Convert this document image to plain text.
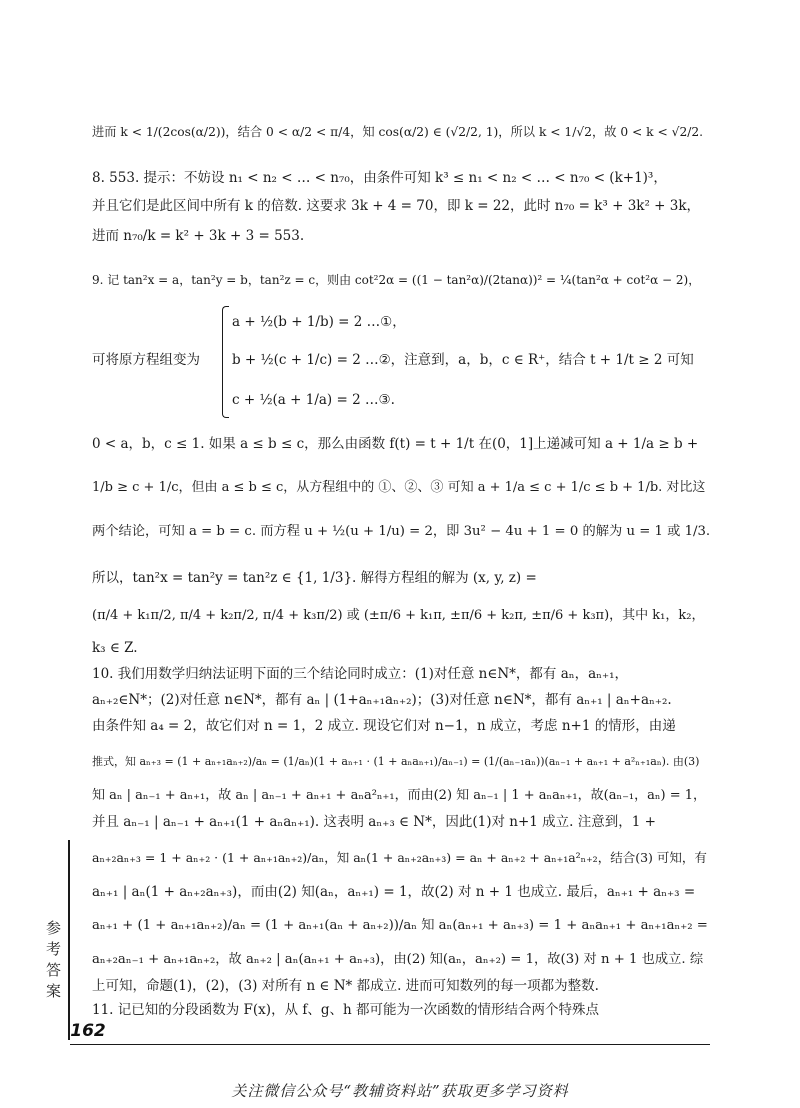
进而 k < 1/(2cos(α/2))，结合 0 < α/2 < π/4，知 cos(α/2) ∈ (√2/2, 1)，所以 k < 1/√2，故 0 < k < √2/2.
8. 553. 提示：不妨设 n₁ < n₂ < … < n₇₀，由条件可知 k³ ≤ n₁ < n₂ < … < n₇₀ < (k+1)³，
并且它们是此区间中所有 k 的倍数. 这要求 3k + 4 = 70，即 k = 22，此时 n₇₀ = k³ + 3k² + 3k，
进而 n₇₀/k = k² + 3k + 3 = 553.
9. 记 tan²x = a，tan²y = b，tan²z = c，则由 cot²2α = ((1 − tan²α)/(2tanα))² = ¼(tan²α + cot²α − 2)，
可将原方程组变为
a + ½(b + 1/b) = 2 …①，
b + ½(c + 1/c) = 2 …②，注意到，a，b，c ∈ R⁺，结合 t + 1/t ≥ 2 可知
c + ½(a + 1/a) = 2 …③.
0 < a，b，c ≤ 1. 如果 a ≤ b ≤ c，那么由函数 f(t) = t + 1/t 在(0，1]上递减可知 a + 1/a ≥ b +
1/b ≥ c + 1/c，但由 a ≤ b ≤ c，从方程组中的 ①、②、③ 可知 a + 1/a ≤ c + 1/c ≤ b + 1/b. 对比这
两个结论，可知 a = b = c. 而方程 u + ½(u + 1/u) = 2，即 3u² − 4u + 1 = 0 的解为 u = 1 或 1/3.
所以，tan²x = tan²y = tan²z ∈ {1, 1/3}. 解得方程组的解为 (x, y, z) =
(π/4 + k₁π/2, π/4 + k₂π/2, π/4 + k₃π/2) 或 (±π/6 + k₁π, ±π/6 + k₂π, ±π/6 + k₃π)，其中 k₁，k₂，
k₃ ∈ Z.
10. 我们用数学归纳法证明下面的三个结论同时成立：(1)对任意 n∈N*，都有 aₙ，aₙ₊₁，
aₙ₊₂∈N*；(2)对任意 n∈N*，都有 aₙ | (1+aₙ₊₁aₙ₊₂)；(3)对任意 n∈N*，都有 aₙ₊₁ | aₙ+aₙ₊₂.
由条件知 a₄ = 2，故它们对 n = 1，2 成立. 现设它们对 n−1，n 成立，考虑 n+1 的情形，由递
推式，知 aₙ₊₃ = (1 + aₙ₊₁aₙ₊₂)/aₙ = (1/aₙ)(1 + aₙ₊₁ · (1 + aₙaₙ₊₁)/aₙ₋₁) = (1/(aₙ₋₁aₙ))(aₙ₋₁ + aₙ₊₁ + a²ₙ₊₁aₙ). 由(3)
知 aₙ | aₙ₋₁ + aₙ₊₁，故 aₙ | aₙ₋₁ + aₙ₊₁ + aₙa²ₙ₊₁，而由(2) 知 aₙ₋₁ | 1 + aₙaₙ₊₁，故(aₙ₋₁，aₙ) = 1，
并且 aₙ₋₁ | aₙ₋₁ + aₙ₊₁(1 + aₙaₙ₊₁). 这表明 aₙ₊₃ ∈ N*，因此(1)对 n+1 成立. 注意到，1 +
aₙ₊₂aₙ₊₃ = 1 + aₙ₊₂ · (1 + aₙ₊₁aₙ₊₂)/aₙ，知 aₙ(1 + aₙ₊₂aₙ₊₃) = aₙ + aₙ₊₂ + aₙ₊₁a²ₙ₊₂，结合(3) 可知，有
aₙ₊₁ | aₙ(1 + aₙ₊₂aₙ₊₃)，而由(2) 知(aₙ，aₙ₊₁) = 1，故(2) 对 n + 1 也成立. 最后，aₙ₊₁ + aₙ₊₃ =
aₙ₊₁ + (1 + aₙ₊₁aₙ₊₂)/aₙ = (1 + aₙ₊₁(aₙ + aₙ₊₂))/aₙ 知 aₙ(aₙ₊₁ + aₙ₊₃) = 1 + aₙaₙ₊₁ + aₙ₊₁aₙ₊₂ =
aₙ₊₂aₙ₋₁ + aₙ₊₁aₙ₊₂，故 aₙ₊₂ | aₙ(aₙ₊₁ + aₙ₊₃)，由(2) 知(aₙ，aₙ₊₂) = 1，故(3) 对 n + 1 也成立. 综
上可知，命题(1)，(2)，(3) 对所有 n ∈ N* 都成立. 进而可知数列的每一项都为整数.
11. 记已知的分段函数为 F(x)，从 f、g、h 都可能为一次函数的情形结合两个特殊点
参考答案
162
关注微信公众号“教辅资料站”获取更多学习资料
